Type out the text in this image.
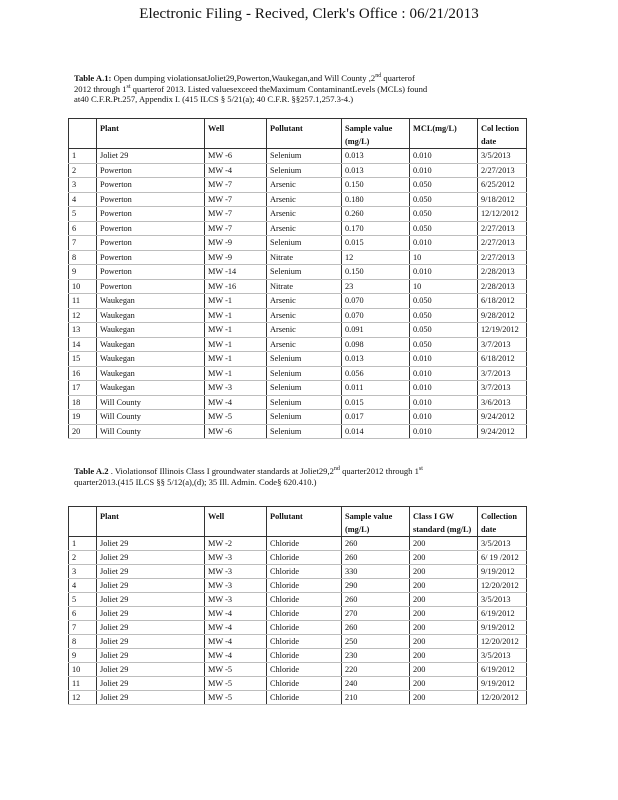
Electronic Filing - Recived, Clerk's Office : 06/21/2013
Table A.1: Open dumping violationsatJoliet29,Powerton,Waukegan,and Will County ,2nd quarterof
2012 through 1st quarterof 2013. Listed valuesexceed theMaximum ContaminantLevels (MCLs) found
at40 C.F.R.Pt.257, Appendix I. (415 ILCS § 5/21(a); 40 C.F.R. §§257.1,257.3-4.)
	Plant	Well	Pollutant	Sample value (mg/L)	MCL(mg/L)	Col lection date
1	Joliet 29	MW -6	Selenium	0.013	0.010	3/5/2013
2	Powerton	MW -4	Selenium	0.013	0.010	2/27/2013
3	Powerton	MW -7	Arsenic	0.150	0.050	6/25/2012
4	Powerton	MW -7	Arsenic	0.180	0.050	9/18/2012
5	Powerton	MW -7	Arsenic	0.260	0.050	12/12/2012
6	Powerton	MW -7	Arsenic	0.170	0.050	2/27/2013
7	Powerton	MW -9	Selenium	0.015	0.010	2/27/2013
8	Powerton	MW -9	Nitrate	12	10	2/27/2013
9	Powerton	MW -14	Selenium	0.150	0.010	2/28/2013
10	Powerton	MW -16	Nitrate	23	10	2/28/2013
11	Waukegan	MW -1	Arsenic	0.070	0.050	6/18/2012
12	Waukegan	MW -1	Arsenic	0.070	0.050	9/28/2012
13	Waukegan	MW -1	Arsenic	0.091	0.050	12/19/2012
14	Waukegan	MW -1	Arsenic	0.098	0.050	3/7/2013
15	Waukegan	MW -1	Selenium	0.013	0.010	6/18/2012
16	Waukegan	MW -1	Selenium	0.056	0.010	3/7/2013
17	Waukegan	MW -3	Selenium	0.011	0.010	3/7/2013
18	Will County	MW -4	Selenium	0.015	0.010	3/6/2013
19	Will County	MW -5	Selenium	0.017	0.010	9/24/2012
20	Will County	MW -6	Selenium	0.014	0.010	9/24/2012
Table A.2 . Violationsof Illinois Class I groundwater standards at Joliet29,2nd quarter2012 through 1st
quarter2013.(415 ILCS §§ 5/12(a),(d); 35 Ill. Admin. Code§ 620.410.)
	Plant	Well	Pollutant	Sample value (mg/L)	Class I GW standard (mg/L)	Collection date
1	Joliet 29	MW -2	Chloride	260	200	3/5/2013
2	Joliet 29	MW -3	Chloride	260	200	6/ 19 /2012
3	Joliet 29	MW -3	Chloride	330	200	9/19/2012
4	Joliet 29	MW -3	Chloride	290	200	12/20/2012
5	Joliet 29	MW -3	Chloride	260	200	3/5/2013
6	Joliet 29	MW -4	Chloride	270	200	6/19/2012
7	Joliet 29	MW -4	Chloride	260	200	9/19/2012
8	Joliet 29	MW -4	Chloride	250	200	12/20/2012
9	Joliet 29	MW -4	Chloride	230	200	3/5/2013
10	Joliet 29	MW -5	Chloride	220	200	6/19/2012
11	Joliet 29	MW -5	Chloride	240	200	9/19/2012
12	Joliet 29	MW -5	Chloride	210	200	12/20/2012
